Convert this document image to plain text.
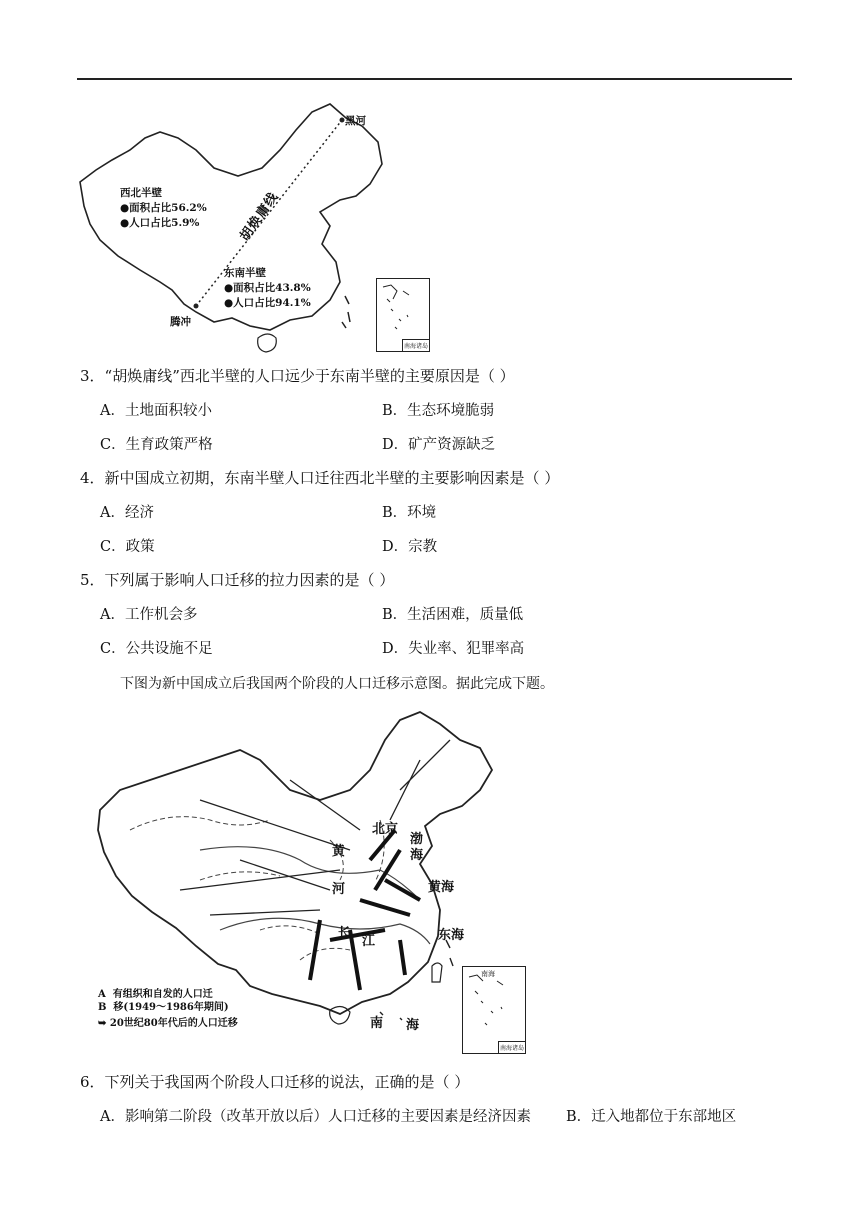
黑河
腾冲
胡焕庸线
西北半壁
●面积占比56.2%
●人口占比5.9%
东南半壁
●面积占比43.8%
●人口占比94.1%
南海诸岛
3．“胡焕庸线”西北半壁的人口远少于东南半壁的主要原因是（ ）
A．土地面积较小	B．生态环境脆弱
C．生育政策严格	D．矿产资源缺乏
4．新中国成立初期，东南半壁人口迁往西北半壁的主要影响因素是（ ）
A．经济	B．环境
C．政策	D．宗教
5．下列属于影响人口迁移的拉力因素的是（ ）
A．工作机会多	B．生活困难，质量低
C．公共设施不足	D．失业率、犯罪率高
下图为新中国成立后我国两个阶段的人口迁移示意图。据此完成下题。
北京
渤
海
黄
河	黄海
长
江	东海
南 海
A 有组织和自发的人口迁
B 移(1949～1986年期间)
➥ 20世纪80年代后的人口迁移
南海
南海诸岛
6．下列关于我国两个阶段人口迁移的说法，正确的是（ ）
A．影响第二阶段（改革开放以后）人口迁移的主要因素是经济因素 B．迁入地都位于东部地区
